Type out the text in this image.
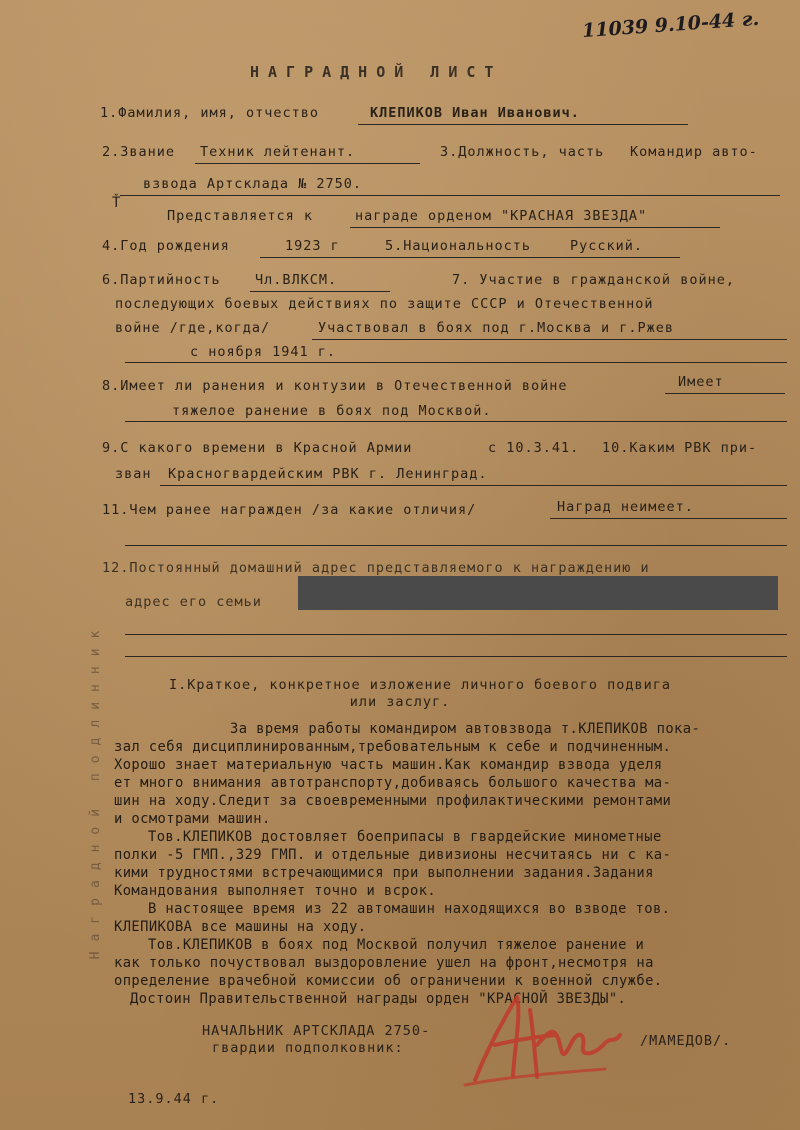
11039 9.10-44 г.
НАГРАДНОЙ ЛИСТ
1.Фамилия, имя, отчество	КЛЕПИКОВ Иван Иванович.
2.Звание Техник лейтенант.	3.Должность, часть Командир авто-
взвода Артсклада № 2750.
Представляется к	награде орденом "КРАСНАЯ ЗВЕЗДА"
4.Год рождения	1923 г	5.Национальность	Русский.
6.Партийность	Чл.ВЛКСМ.	7. Участие в гражданской войне,
последующих боевых действиях по защите СССР и Отечественной
войне /где,когда/	Участвовал в боях под г.Москва и г.Ржев
с ноября 1941 г.
8.Имеет ли ранения и контузии в Отечественной войне	Имеет
тяжелое ранение в боях под Москвой.
9.С какого времени в Красной Армии	с 10.3.41. 10.Каким РВК при-
зван Красногвардейским РВК г. Ленинград.
11.Чем ранее награжден /за какие отличия/	Наград неимеет.
12.Постоянный домашний адрес представляемого к награждению и
адрес его семьи
I.Краткое, конкретное изложение личного боевого подвига
или заслуг.

За время работы командиром автовзвода т.КЛЕПИКОВ пока-

зал себя дисциплинированным,требовательным к себе и подчиненным.

Хорошо знает материальную часть машин.Как командир взвода уделя

ет много внимания автотранспорту,добиваясь большого качества ма-

шин на ходу.Следит за своевременными профилактическими ремонтами

и осмотрами машин.

Тов.КЛЕПИКОВ достовляет боеприпасы в гвардейские минометные

полки -5 ГМП.,329 ГМП. и отдельные дивизионы несчитаясь ни с ка-

кими трудностями встречающимися при выполнении задания.Задания

Командования выполняет точно и всрок.

В настоящее время из 22 автомашин находящихся во взводе тов.

КЛЕПИКОВА все машины на ходу.

Тов.КЛЕПИКОВ в боях под Москвой получил тяжелое ранение и

как только почуствовал выздоровление ушел на фронт,несмотря на

определение врачебной комиссии об ограничении к военной службе.

Достоин Правительственной награды орден "КРАСНОЙ ЗВЕЗДЫ".

НАЧАЛЬНИК АРТСКЛАДА 2750-
гвардии подполковник:	/МАМЕДОВ/.
13.9.44 г.
Наградной подлинник
Ť
